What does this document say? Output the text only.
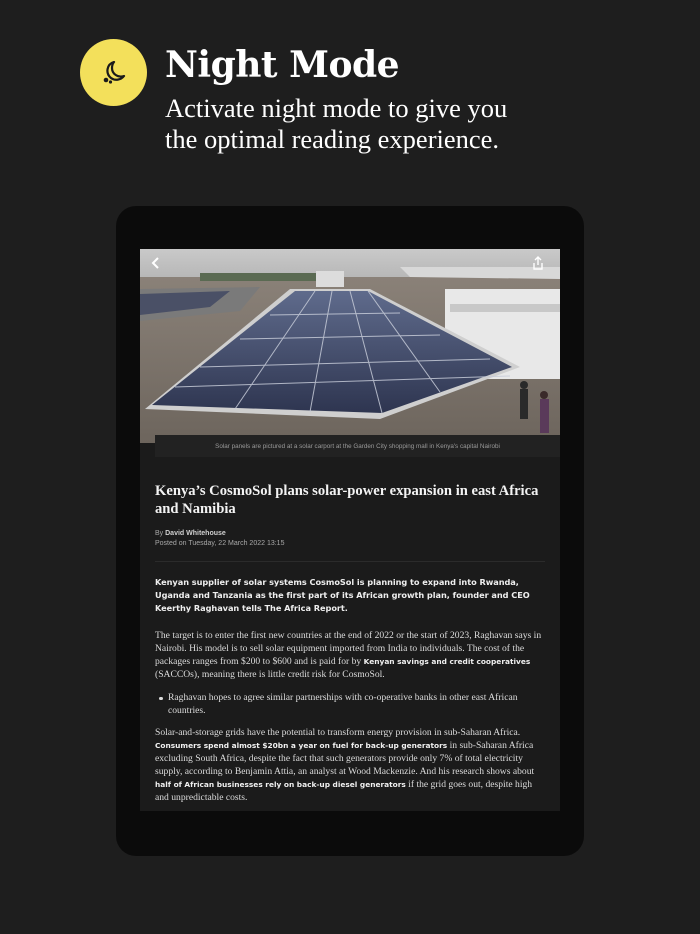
Night Mode
Activate night mode to give you the optimal reading experience.
Solar panels are pictured at a solar carport at the Garden City shopping mall in Kenya's capital Nairobi
Kenya’s CosmoSol plans solar-power expansion in east Africa and Namibia
By David Whitehouse
Posted on Tuesday, 22 March 2022 13:15

Kenyan supplier of solar systems CosmoSol is planning to expand into Rwanda, Uganda and Tanzania as the first part of its African growth plan, founder and CEO Keerthy Raghavan tells The Africa Report.

The target is to enter the first new countries at the end of 2022 or the start of 2023, Raghavan says in Nairobi. His model is to sell solar equipment imported from India to individuals. The cost of the packages ranges from $200 to $600 and is paid for by Kenyan savings and credit cooperatives (SACCOs), meaning there is little credit risk for CosmoSol.

Raghavan hopes to agree similar partnerships with co-operative banks in other east African countries.

Solar-and-storage grids have the potential to transform energy provision in sub-Saharan Africa. Consumers spend almost $20bn a year on fuel for back-up generators in sub-Saharan Africa excluding South Africa, despite the fact that such generators provide only 7% of total electricity supply, according to Benjamin Attia, an analyst at Wood Mackenzie. And his research shows about half of African businesses rely on back-up diesel generators if the grid goes out, despite high and unpredictable costs.
